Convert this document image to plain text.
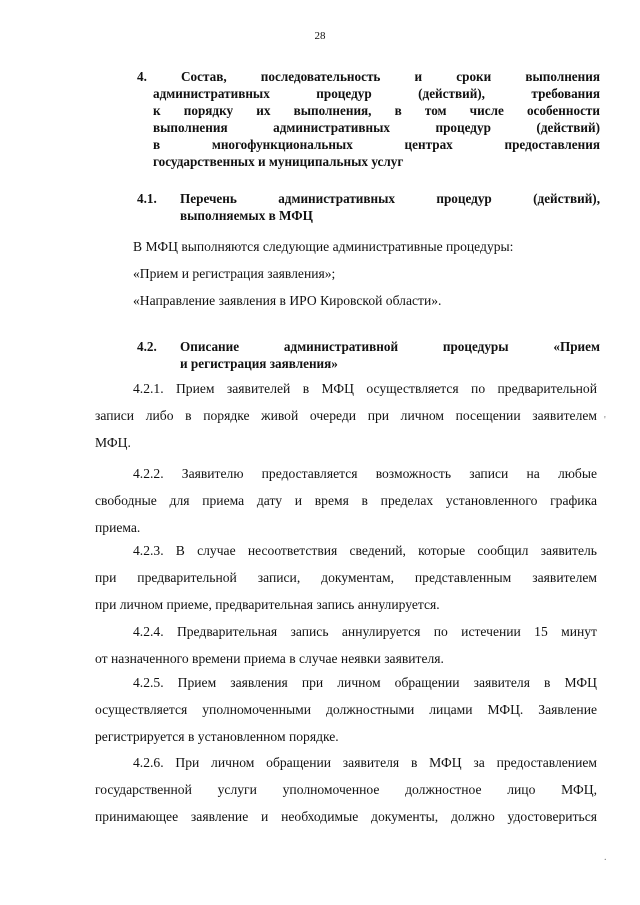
28
4. Состав, последовательность и сроки выполнения
административных процедур (действий), требования
к порядку их выполнения, в том числе особенности
выполнения административных процедур (действий)
в многофункциональных центрах предоставления
государственных и муниципальных услуг
4.1. Перечень административных процедур (действий),
выполняемых в МФЦ
В МФЦ выполняются следующие административные процедуры:
«Прием и регистрация заявления»;
«Направление заявления в ИРО Кировской области».
4.2. Описание административной процедуры «Прием
и регистрация заявления»
4.2.1. Прием заявителей в МФЦ осуществляется по предварительной
записи либо в порядке живой очереди при личном посещении заявителем
МФЦ.
4.2.2. Заявителю предоставляется возможность записи на любые
свободные для приема дату и время в пределах установленного графика
приема.
4.2.3. В случае несоответствия сведений, которые сообщил заявитель
при предварительной записи, документам, представленным заявителем
при личном приеме, предварительная запись аннулируется.
4.2.4. Предварительная запись аннулируется по истечении 15 минут
от назначенного времени приема в случае неявки заявителя.
4.2.5. Прием заявления при личном обращении заявителя в МФЦ
осуществляется уполномоченными должностными лицами МФЦ. Заявление
регистрируется в установленном порядке.
4.2.6. При личном обращении заявителя в МФЦ за предоставлением
государственной услуги уполномоченное должностное лицо МФЦ,
принимающее заявление и необходимые документы, должно удостовериться
'
.
